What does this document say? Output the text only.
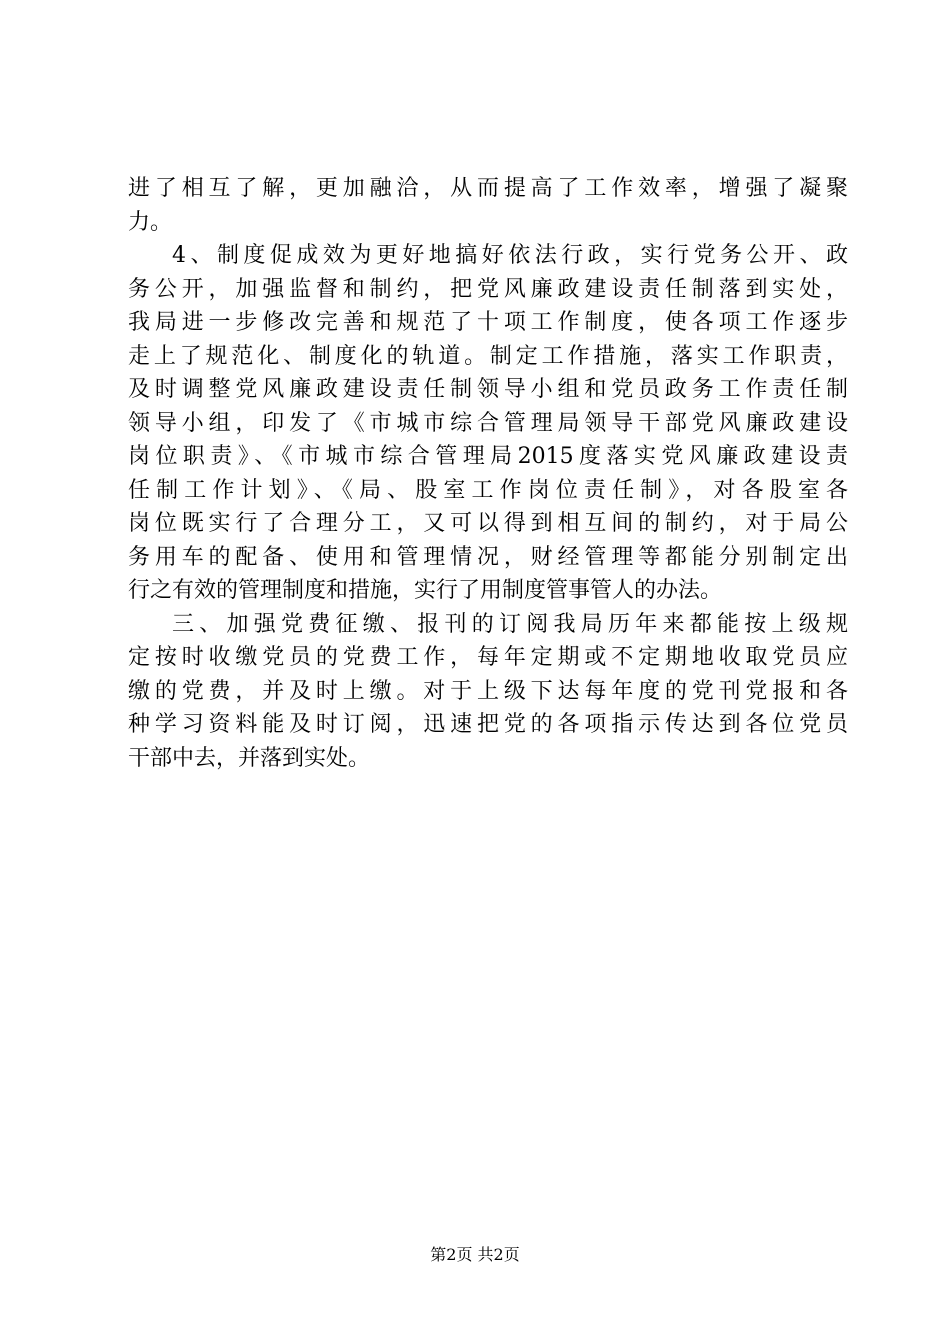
进了相互了解，更加融洽，从而提高了工作效率，增强了凝聚
力。
4、制度促成效为更好地搞好依法行政，实行党务公开、政
务公开，加强监督和制约，把党风廉政建设责任制落到实处，
我局进一步修改完善和规范了十项工作制度，使各项工作逐步
走上了规范化、制度化的轨道。制定工作措施，落实工作职责，
及时调整党风廉政建设责任制领导小组和党员政务工作责任制
领导小组，印发了《市城市综合管理局领导干部党风廉政建设
岗位职责》、《市城市综合管理局2015度落实党风廉政建设责
任制工作计划》、《局、股室工作岗位责任制》，对各股室各
岗位既实行了合理分工，又可以得到相互间的制约，对于局公
务用车的配备、使用和管理情况，财经管理等都能分别制定出
行之有效的管理制度和措施，实行了用制度管事管人的办法。
三、加强党费征缴、报刊的订阅我局历年来都能按上级规
定按时收缴党员的党费工作，每年定期或不定期地收取党员应
缴的党费，并及时上缴。对于上级下达每年度的党刊党报和各
种学习资料能及时订阅，迅速把党的各项指示传达到各位党员
干部中去，并落到实处。
第2页 共2页
